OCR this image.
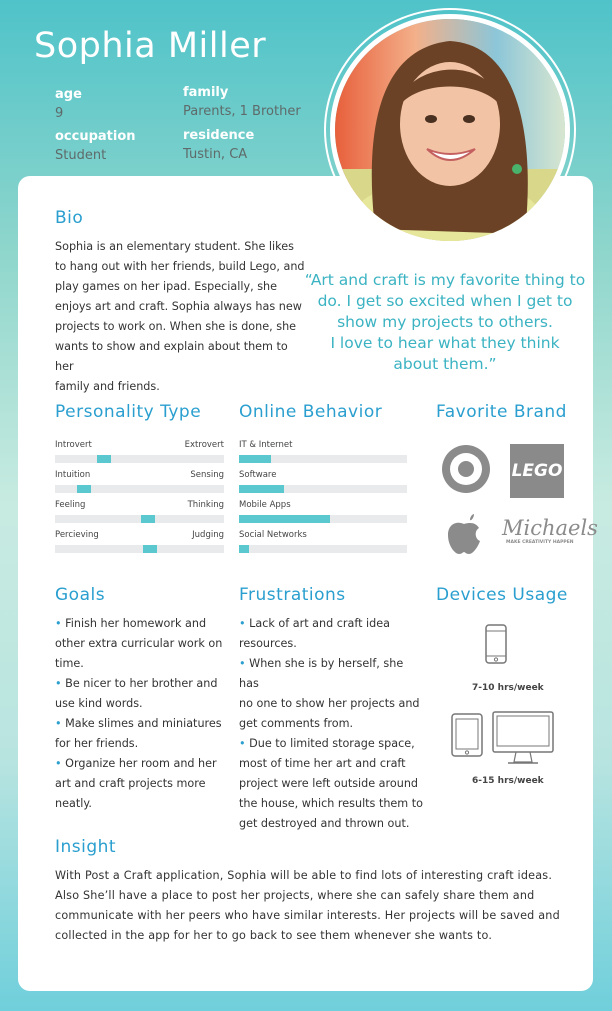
Sophia Miller
age
9
occupation
Student
family
Parents, 1 Brother
residence
Tustin, CA
Bio
Sophia is an elementary student. She likes
to hang out with her friends, build Lego, and
play games on her ipad. Especially, she
enjoys art and craft. Sophia always has new
projects to work on. When she is done, she
wants to show and explain about them to her
family and friends.
“Art and craft is my favorite thing to
do. I get so excited when I get to
show my projects to others.
I love to hear what they think
about them.”
Personality Type
Introvert	Extrovert
Intuition	Sensing
Feeling	Thinking
Percieving	Judging
Online Behavior
IT & Internet
Software
Mobile Apps
Social Networks
Favorite Brand
LEGO
Michaels
MAKE CREATIVITY HAPPEN
Goals
• Finish her homework and
other extra curricular work on
time.
• Be nicer to her brother and
use kind words.
• Make slimes and miniatures
for her friends.
• Organize her room and her
art and craft projects more
neatly.
Frustrations
• Lack of art and craft idea
resources.
• When she is by herself, she has
no one to show her projects and
get comments from.
• Due to limited storage space,
most of time her art and craft
project were left outside around
the house, which results them to
get destroyed and thrown out.
Devices Usage
7-10 hrs/week
6-15 hrs/week
Insight
With Post a Craft application, Sophia will be able to find lots of interesting craft ideas.
Also She’ll have a place to post her projects, where she can safely share them and
communicate with her peers who have similar interests. Her projects will be saved and
collected in the app for her to go back to see them whenever she wants to.
